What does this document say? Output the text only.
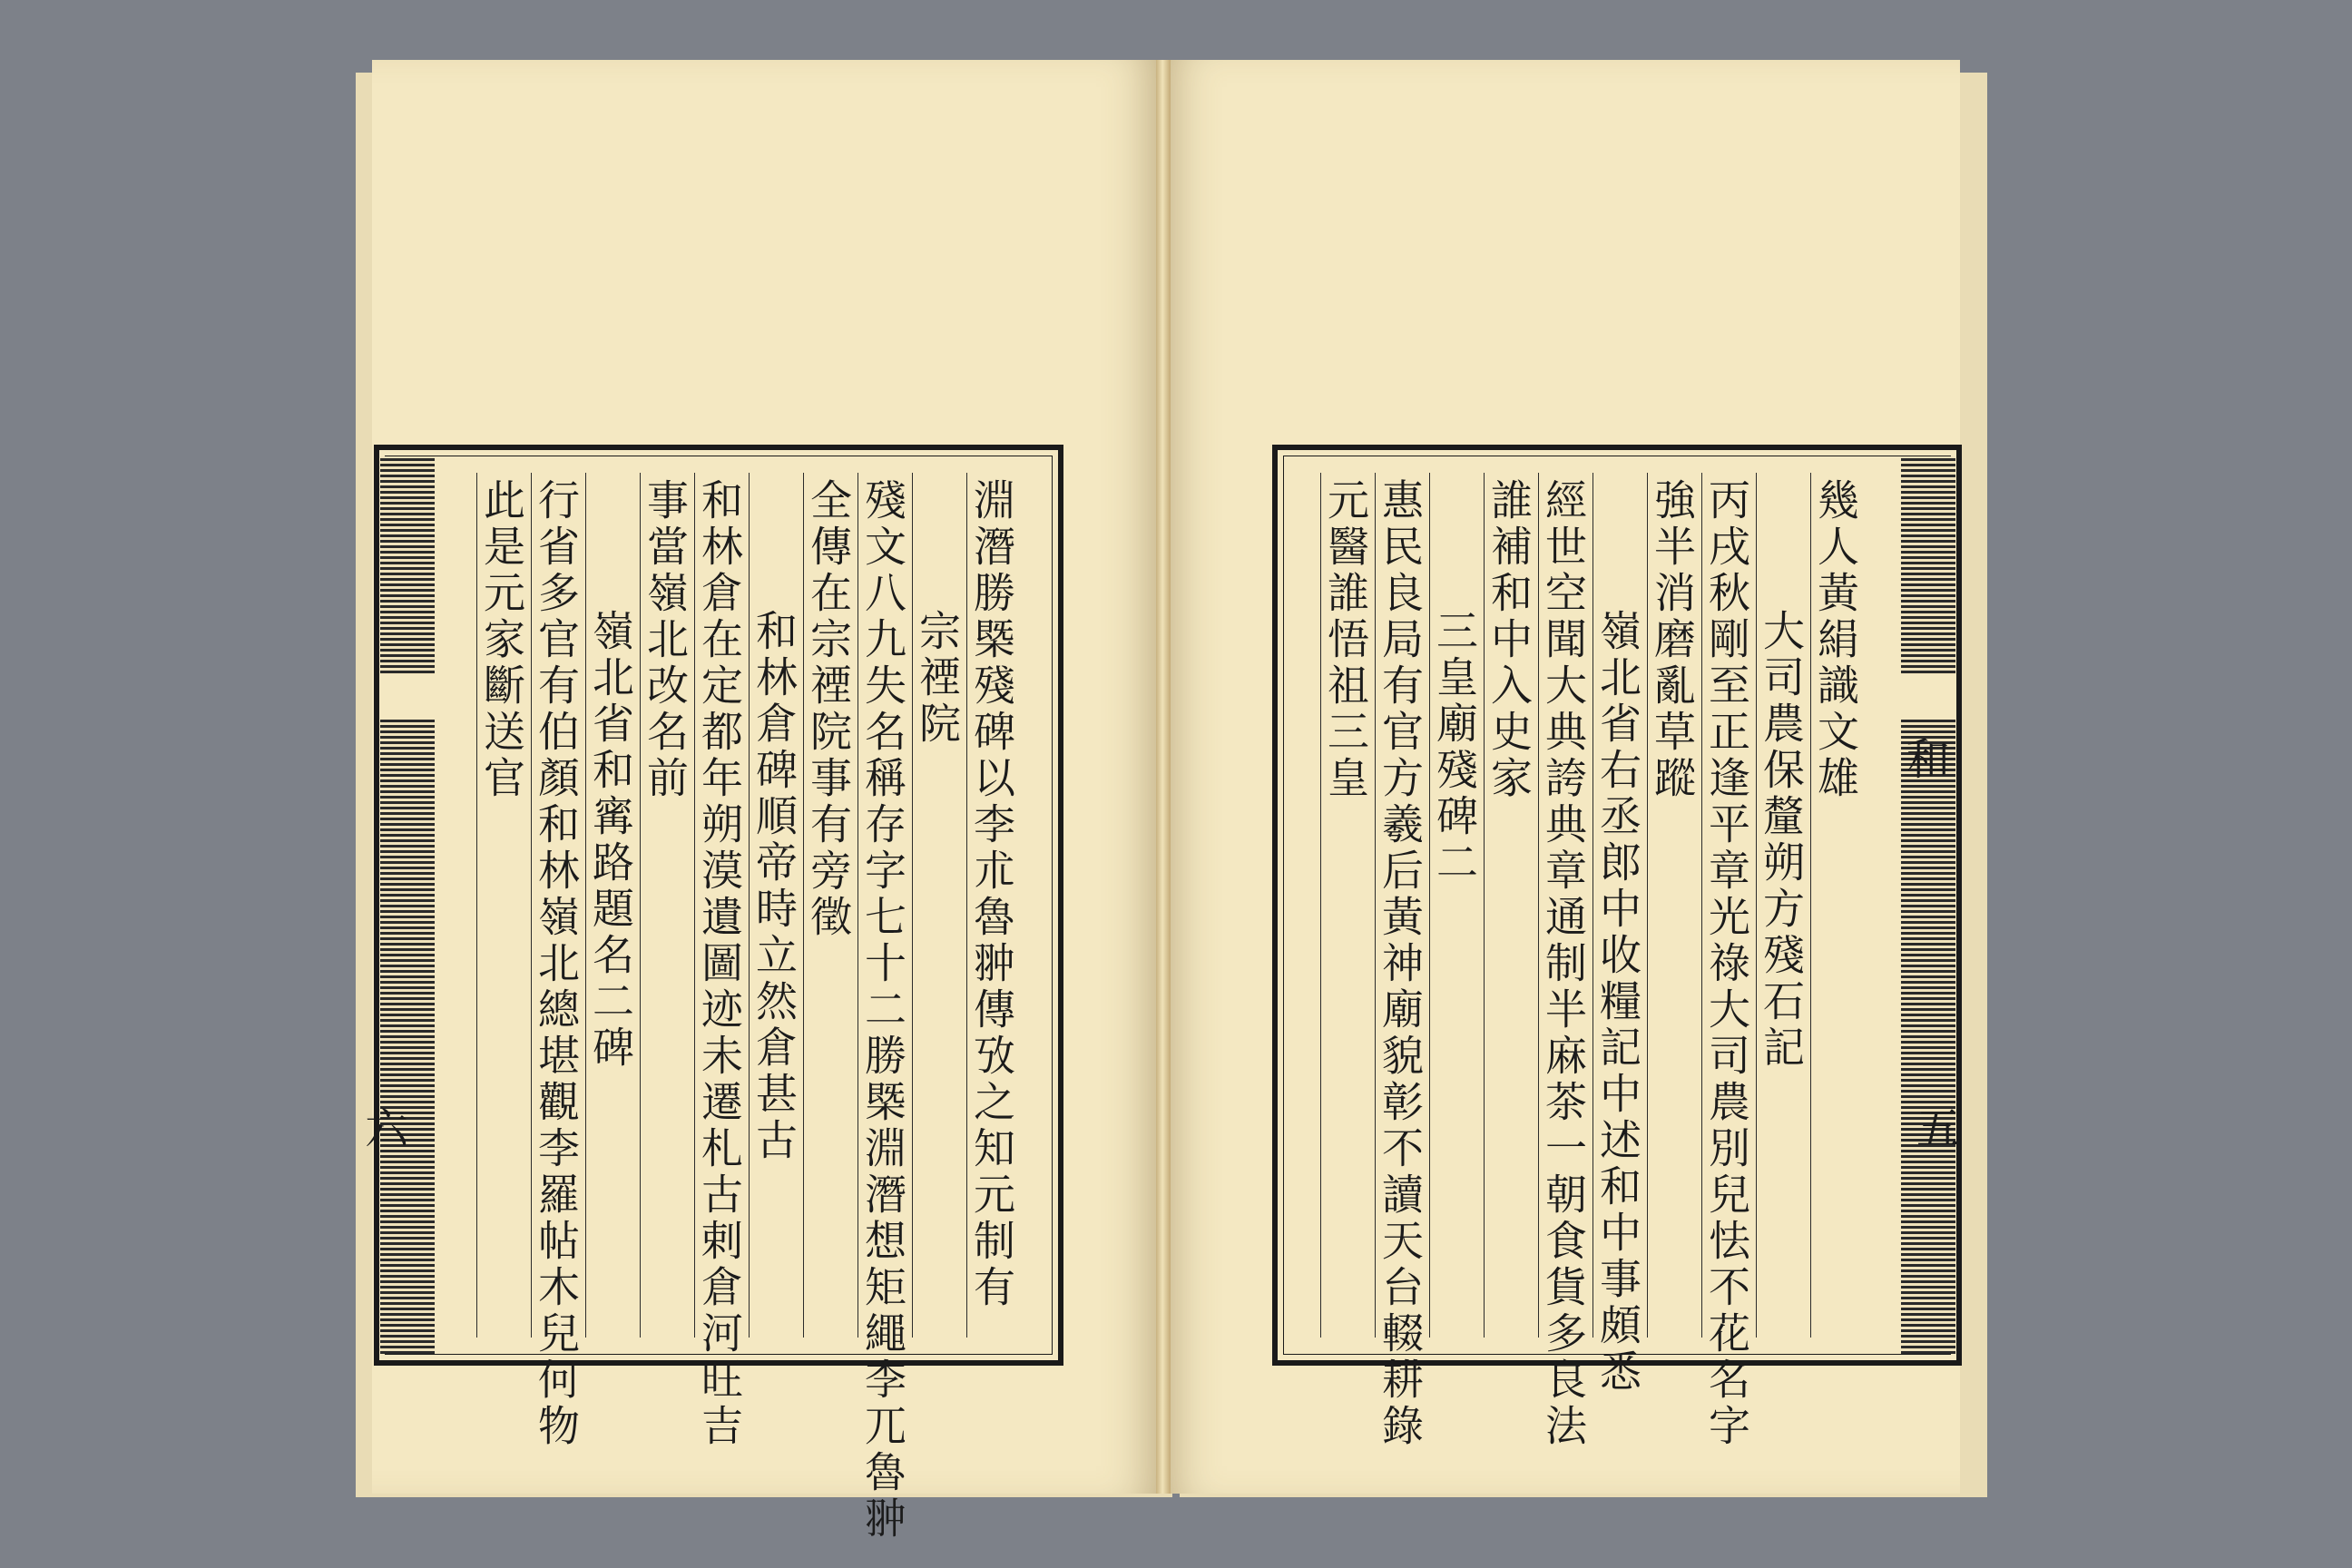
淵潛勝槩殘碑以李朮魯翀傳攷之知元制有
宗禋院
殘文八九失名稱存字七十二勝槩淵潛想矩繩李兀魯翀
全傳在宗禋院事有旁徵
和林倉碑順帝時立然倉甚古
和林倉在定都年朔漠遺圖迹未遷札古剌倉河旺吉
事當嶺北改名前
嶺北省和寗路題名二碑
行省多官有伯顏和林嶺北總堪觀李羅帖木兒何物
此是元家斷送官
六
幾人黃絹識文雄
大司農保釐朔方殘石記
丙戌秋剛至正逢平章光祿大司農別兒怯不花名字
強半消磨亂草蹤
嶺北省右丞郎中收糧記中述和中事頗悉
經世空聞大典誇典章通制半麻茶一朝食貨多良法
誰補和中入史家
三皇廟殘碑二
惠民良局有官方羲后黃神廟貌彰不讀天台輟耕錄
元醫誰悟祖三皇	和
五
